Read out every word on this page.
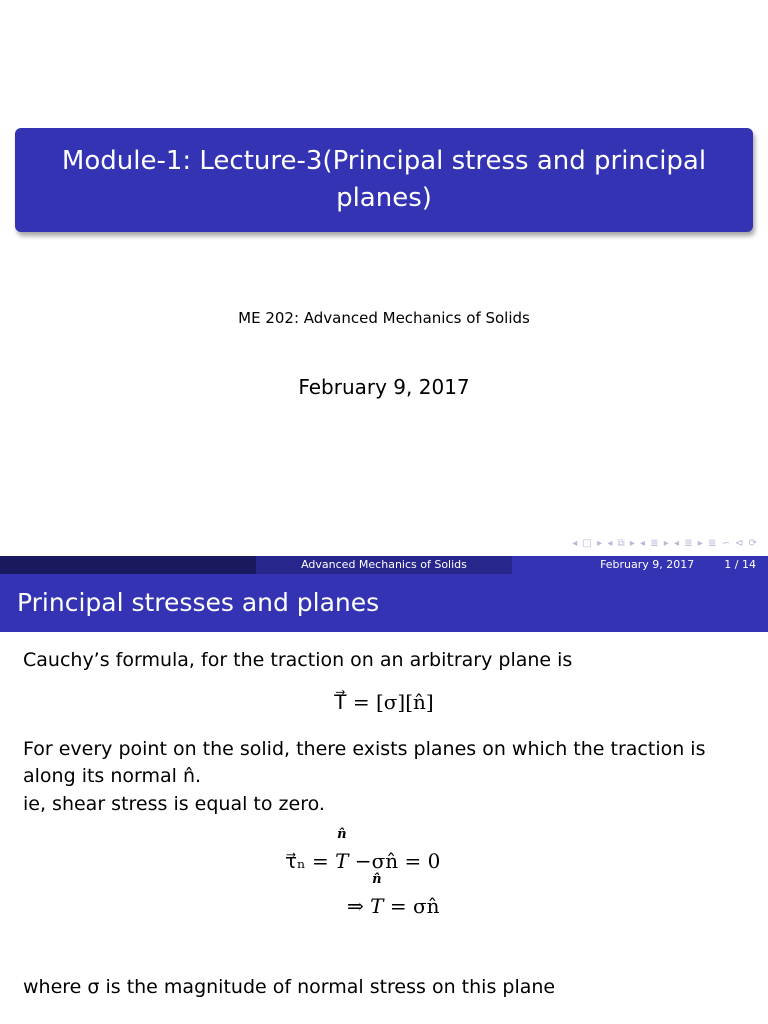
Module-1: Lecture-3(Principal stress and principal planes)
ME 202: Advanced Mechanics of Solids
February 9, 2017
◂ □ ▸ ◂ ⧉ ▸ ◂ ≣ ▸ ◂ ≣ ▸ ≣ ∽ ⊲ ⟳
Advanced Mechanics of Solids	February 9, 2017	1 / 14
Principal stresses and planes
Cauchy’s formula, for the traction on an arbitrary plane is
T⃗ = [σ][n̂]
For every point on the solid, there exists planes on which the traction is
along its normal n̂.
ie, shear stress is equal to zero.
τ⃗ₙ =
n̂
T −σn̂ = 0
⇒
n̂
T = σn̂
where σ is the magnitude of normal stress on this plane
